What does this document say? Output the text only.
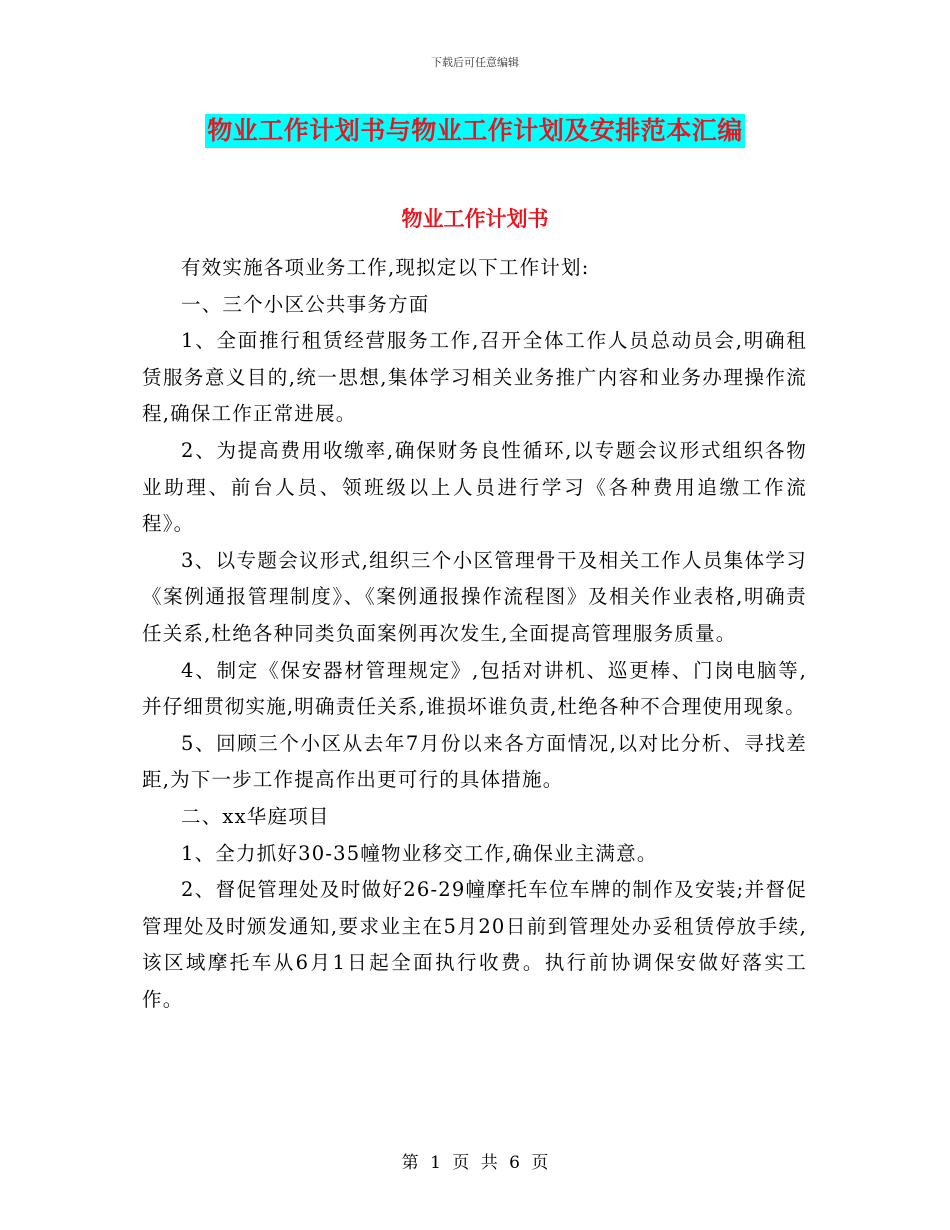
下载后可任意编辑
物业工作计划书与物业工作计划及安排范本汇编
物业工作计划书

有效实施各项业务工作,现拟定以下工作计划:

一、三个小区公共事务方面

1、全面推行租赁经营服务工作,召开全体工作人员总动员会,明确租赁服务意义目的,统一思想,集体学习相关业务推广内容和业务办理操作流程,确保工作正常进展。

2、为提高费用收缴率,确保财务良性循环,以专题会议形式组织各物业助理、前台人员、领班级以上人员进行学习《各种费用追缴工作流程》。

3、以专题会议形式,组织三个小区管理骨干及相关工作人员集体学习《案例通报管理制度》、《案例通报操作流程图》及相关作业表格,明确责任关系,杜绝各种同类负面案例再次发生,全面提高管理服务质量。

4、制定《保安器材管理规定》,包括对讲机、巡更棒、门岗电脑等,并仔细贯彻实施,明确责任关系,谁损坏谁负责,杜绝各种不合理使用现象。

5、回顾三个小区从去年7月份以来各方面情况,以对比分析、寻找差距,为下一步工作提高作出更可行的具体措施。

二、xx华庭项目

1、全力抓好30-35幢物业移交工作,确保业主满意。

2、督促管理处及时做好26-29幢摩托车位车牌的制作及安装;并督促管理处及时颁发通知,要求业主在5月20日前到管理处办妥租赁停放手续,该区域摩托车从6月1日起全面执行收费。执行前协调保安做好落实工作。

第 1 页 共 6 页
